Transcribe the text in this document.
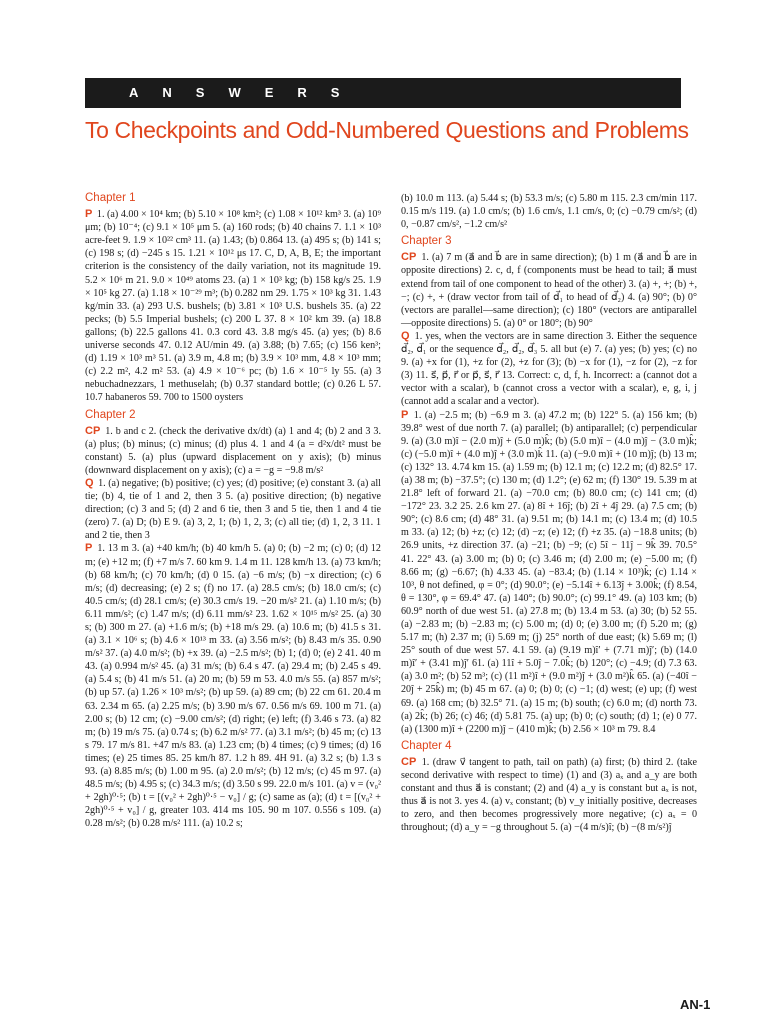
ANSWERS
To Checkpoints and Odd-Numbered Questions and Problems
Chapter 1

P 1. (a) 4.00 × 10⁴ km; (b) 5.10 × 10⁸ km²; (c) 1.08 × 10¹² km³ 3. (a) 10⁹ μm; (b) 10⁻⁴; (c) 9.1 × 10⁵ μm 5. (a) 160 rods; (b) 40 chains 7. 1.1 × 10³ acre-feet 9. 1.9 × 10²² cm³ 11. (a) 1.43; (b) 0.864 13. (a) 495 s; (b) 141 s; (c) 198 s; (d) −245 s 15. 1.21 × 10¹² μs 17. C, D, A, B, E; the important criterion is the consistency of the daily variation, not its magnitude 19. 5.2 × 10⁶ m 21. 9.0 × 10⁴⁹ atoms 23. (a) 1 × 10³ kg; (b) 158 kg/s 25. 1.9 × 10⁵ kg 27. (a) 1.18 × 10⁻²⁹ m³; (b) 0.282 nm 29. 1.75 × 10³ kg 31. 1.43 kg/min 33. (a) 293 U.S. bushels; (b) 3.81 × 10³ U.S. bushels 35. (a) 22 pecks; (b) 5.5 Imperial bushels; (c) 200 L 37. 8 × 10² km 39. (a) 18.8 gallons; (b) 22.5 gallons 41. 0.3 cord 43. 3.8 mg/s 45. (a) yes; (b) 8.6 universe seconds 47. 0.12 AU/min 49. (a) 3.88; (b) 7.65; (c) 156 ken³; (d) 1.19 × 10³ m³ 51. (a) 3.9 m, 4.8 m; (b) 3.9 × 10³ mm, 4.8 × 10³ mm; (c) 2.2 m², 4.2 m² 53. (a) 4.9 × 10⁻⁶ pc; (b) 1.6 × 10⁻⁵ ly 55. (a) 3 nebuchadnezzars, 1 methuselah; (b) 0.37 standard bottle; (c) 0.26 L 57. 10.7 habaneros 59. 700 to 1500 oysters

Chapter 2

CP 1. b and c 2. (check the derivative dx/dt) (a) 1 and 4; (b) 2 and 3 3. (a) plus; (b) minus; (c) minus; (d) plus 4. 1 and 4 (a = d²x/dt² must be constant) 5. (a) plus (upward displacement on y axis); (b) minus (downward displacement on y axis); (c) a = −g = −9.8 m/s²

Q 1. (a) negative; (b) positive; (c) yes; (d) positive; (e) constant 3. (a) all tie; (b) 4, tie of 1 and 2, then 3 5. (a) positive direction; (b) negative direction; (c) 3 and 5; (d) 2 and 6 tie, then 3 and 5 tie, then 1 and 4 tie (zero) 7. (a) D; (b) E 9. (a) 3, 2, 1; (b) 1, 2, 3; (c) all tie; (d) 1, 2, 3 11. 1 and 2 tie, then 3

P 1. 13 m 3. (a) +40 km/h; (b) 40 km/h 5. (a) 0; (b) −2 m; (c) 0; (d) 12 m; (e) +12 m; (f) +7 m/s 7. 60 km 9. 1.4 m 11. 128 km/h 13. (a) 73 km/h; (b) 68 km/h; (c) 70 km/h; (d) 0 15. (a) −6 m/s; (b) −x direction; (c) 6 m/s; (d) decreasing; (e) 2 s; (f) no 17. (a) 28.5 cm/s; (b) 18.0 cm/s; (c) 40.5 cm/s; (d) 28.1 cm/s; (e) 30.3 cm/s 19. −20 m/s² 21. (a) 1.10 m/s; (b) 6.11 mm/s²; (c) 1.47 m/s; (d) 6.11 mm/s² 23. 1.62 × 10¹⁵ m/s² 25. (a) 30 s; (b) 300 m 27. (a) +1.6 m/s; (b) +18 m/s 29. (a) 10.6 m; (b) 41.5 s 31. (a) 3.1 × 10⁶ s; (b) 4.6 × 10¹³ m 33. (a) 3.56 m/s²; (b) 8.43 m/s 35. 0.90 m/s² 37. (a) 4.0 m/s²; (b) +x 39. (a) −2.5 m/s²; (b) 1; (d) 0; (e) 2 41. 40 m 43. (a) 0.994 m/s² 45. (a) 31 m/s; (b) 6.4 s 47. (a) 29.4 m; (b) 2.45 s 49. (a) 5.4 s; (b) 41 m/s 51. (a) 20 m; (b) 59 m 53. 4.0 m/s 55. (a) 857 m/s²; (b) up 57. (a) 1.26 × 10³ m/s²; (b) up 59. (a) 89 cm; (b) 22 cm 61. 20.4 m 63. 2.34 m 65. (a) 2.25 m/s; (b) 3.90 m/s 67. 0.56 m/s 69. 100 m 71. (a) 2.00 s; (b) 12 cm; (c) −9.00 cm/s²; (d) right; (e) left; (f) 3.46 s 73. (a) 82 m; (b) 19 m/s 75. (a) 0.74 s; (b) 6.2 m/s² 77. (a) 3.1 m/s²; (b) 45 m; (c) 13 s 79. 17 m/s 81. +47 m/s 83. (a) 1.23 cm; (b) 4 times; (c) 9 times; (d) 16 times; (e) 25 times 85. 25 km/h 87. 1.2 h 89. 4H 91. (a) 3.2 s; (b) 1.3 s 93. (a) 8.85 m/s; (b) 1.00 m 95. (a) 2.0 m/s²; (b) 12 m/s; (c) 45 m 97. (a) 48.5 m/s; (b) 4.95 s; (c) 34.3 m/s; (d) 3.50 s 99. 22.0 m/s 101. (a) v = (v₀² + 2gh)⁰·⁵; (b) t = [(v₀² + 2gh)⁰·⁵ − v₀] / g; (c) same as (a); (d) t = [(v₀² + 2gh)⁰·⁵ + v₀] / g, greater 103. 414 ms 105. 90 m 107. 0.556 s 109. (a) 0.28 m/s²; (b) 0.28 m/s² 111. (a) 10.2 s;

(b) 10.0 m 113. (a) 5.44 s; (b) 53.3 m/s; (c) 5.80 m 115. 2.3 cm/min 117. 0.15 m/s 119. (a) 1.0 cm/s; (b) 1.6 cm/s, 1.1 cm/s, 0; (c) −0.79 cm/s²; (d) 0, −0.87 cm/s², −1.2 cm/s²

Chapter 3

CP 1. (a) 7 m (a⃗ and b⃗ are in same direction); (b) 1 m (a⃗ and b⃗ are in opposite directions) 2. c, d, f (components must be head to tail; a⃗ must extend from tail of one component to head of the other) 3. (a) +, +; (b) +, −; (c) +, + (draw vector from tail of d⃗₁ to head of d⃗₂) 4. (a) 90°; (b) 0° (vectors are parallel—same direction); (c) 180° (vectors are antiparallel—opposite directions) 5. (a) 0° or 180°; (b) 90°

Q 1. yes, when the vectors are in same direction 3. Either the sequence d⃗₂, d⃗₁ or the sequence d⃗₂, d⃗₂, d⃗₃ 5. all but (e) 7. (a) yes; (b) yes; (c) no 9. (a) +x for (1), +z for (2), +z for (3); (b) −x for (1), −z for (2), −z for (3) 11. s⃗, p⃗, r⃗ or p⃗, s⃗, r⃗ 13. Correct: c, d, f, h. Incorrect: a (cannot dot a vector with a scalar), b (cannot cross a vector with a scalar), e, g, i, j (cannot add a scalar and a vector).

P 1. (a) −2.5 m; (b) −6.9 m 3. (a) 47.2 m; (b) 122° 5. (a) 156 km; (b) 39.8° west of due north 7. (a) parallel; (b) antiparallel; (c) perpendicular 9. (a) (3.0 m)î − (2.0 m)ĵ + (5.0 m)k̂; (b) (5.0 m)î − (4.0 m)ĵ − (3.0 m)k̂; (c) (−5.0 m)î + (4.0 m)ĵ + (3.0 m)k̂ 11. (a) (−9.0 m)î + (10 m)ĵ; (b) 13 m; (c) 132° 13. 4.74 km 15. (a) 1.59 m; (b) 12.1 m; (c) 12.2 m; (d) 82.5° 17. (a) 38 m; (b) −37.5°; (c) 130 m; (d) 1.2°; (e) 62 m; (f) 130° 19. 5.39 m at 21.8° left of forward 21. (a) −70.0 cm; (b) 80.0 cm; (c) 141 cm; (d) −172° 23. 3.2 25. 2.6 km 27. (a) 8î + 16ĵ; (b) 2î + 4ĵ 29. (a) 7.5 cm; (b) 90°; (c) 8.6 cm; (d) 48° 31. (a) 9.51 m; (b) 14.1 m; (c) 13.4 m; (d) 10.5 m 33. (a) 12; (b) +z; (c) 12; (d) −z; (e) 12; (f) +z 35. (a) −18.8 units; (b) 26.9 units, +z direction 37. (a) −21; (b) −9; (c) 5î − 11ĵ − 9k̂ 39. 70.5° 41. 22° 43. (a) 3.00 m; (b) 0; (c) 3.46 m; (d) 2.00 m; (e) −5.00 m; (f) 8.66 m; (g) −6.67; (h) 4.33 45. (a) −83.4; (b) (1.14 × 10³)k̂; (c) 1.14 × 10³, θ not defined, φ = 0°; (d) 90.0°; (e) −5.14î + 6.13ĵ + 3.00k̂; (f) 8.54, θ = 130°, φ = 69.4° 47. (a) 140°; (b) 90.0°; (c) 99.1° 49. (a) 103 km; (b) 60.9° north of due west 51. (a) 27.8 m; (b) 13.4 m 53. (a) 30; (b) 52 55. (a) −2.83 m; (b) −2.83 m; (c) 5.00 m; (d) 0; (e) 3.00 m; (f) 5.20 m; (g) 5.17 m; (h) 2.37 m; (i) 5.69 m; (j) 25° north of due east; (k) 5.69 m; (l) 25° south of due west 57. 4.1 59. (a) (9.19 m)î′ + (7.71 m)ĵ′; (b) (14.0 m)î′ + (3.41 m)ĵ′ 61. (a) 11î + 5.0ĵ − 7.0k̂; (b) 120°; (c) −4.9; (d) 7.3 63. (a) 3.0 m²; (b) 52 m³; (c) (11 m²)î + (9.0 m²)ĵ + (3.0 m²)k̂ 65. (a) (−40î − 20ĵ + 25k̂) m; (b) 45 m 67. (a) 0; (b) 0; (c) −1; (d) west; (e) up; (f) west 69. (a) 168 cm; (b) 32.5° 71. (a) 15 m; (b) south; (c) 6.0 m; (d) north 73. (a) 2k̂; (b) 26; (c) 46; (d) 5.81 75. (a) up; (b) 0; (c) south; (d) 1; (e) 0 77. (a) (1300 m)î + (2200 m)ĵ − (410 m)k̂; (b) 2.56 × 10³ m 79. 8.4

Chapter 4

CP 1. (draw v⃗ tangent to path, tail on path) (a) first; (b) third 2. (take second derivative with respect to time) (1) and (3) aₓ and a_y are both constant and thus a⃗ is constant; (2) and (4) a_y is constant but aₓ is not, thus a⃗ is not 3. yes 4. (a) vₓ constant; (b) v_y initially positive, decreases to zero, and then becomes progressively more negative; (c) aₓ = 0 throughout; (d) a_y = −g throughout 5. (a) −(4 m/s)î; (b) −(8 m/s²)ĵ

AN-1
